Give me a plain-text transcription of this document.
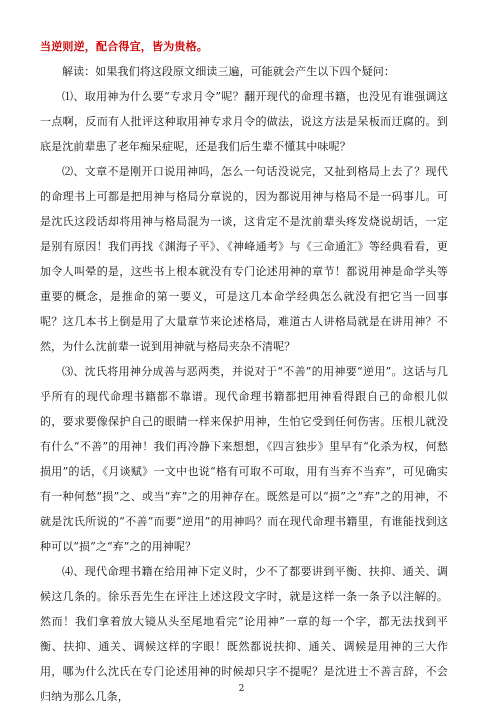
当逆则逆，配合得宜，皆为贵格。

解读：如果我们将这段原文细读三遍，可能就会产生以下四个疑问：

⑴、取用神为什么要“专求月令”呢？翻开现代的命理书籍，也没见有谁强调这一点啊，反而有人批评这种取用神专求月令的做法，说这方法是呆板而迂腐的。到底是沈前辈患了老年痴呆症呢，还是我们后生辈不懂其中味呢？

⑵、文章不是刚开口说用神吗，怎么一句话没说完，又扯到格局上去了？现代的命理书上可都是把用神与格局分章说的，因为都说用神与格局不是一码事儿。可是沈氏这段话却将用神与格局混为一谈，这肯定不是沈前辈头疼发烧说胡话，一定是别有原因！我们再找《渊海子平》、《神峰通考》与《三命通汇》等经典看看，更加令人叫晕的是，这些书上根本就没有专门论述用神的章节！都说用神是命学头等重要的概念，是推命的第一要义，可是这几本命学经典怎么就没有把它当一回事呢？这几本书上倒是用了大量章节来论述格局，难道古人讲格局就是在讲用神？不然，为什么沈前辈一说到用神就与格局夹杂不清呢？

⑶、沈氏将用神分成善与恶两类，并说对于“不善”的用神要“逆用”。这话与几乎所有的现代命理书籍都不靠谱。现代命理书籍都把用神看得跟自己的命根儿似的，要求要像保护自己的眼睛一样来保护用神，生怕它受到任何伤害。压根儿就没有什么“不善”的用神！我们再冷静下来想想，《四言独步》里早有“化杀为权，何愁损用”的话，《月谈赋》一文中也说“格有可取不可取，用有当弃不当弃”，可见确实有一种何愁“损”之、或当“弃”之的用神存在。既然是可以“损”之“弃”之的用神，不就是沈氏所说的“不善”而要“逆用”的用神吗？而在现代命理书籍里，有谁能找到这种可以“损”之“弃”之的用神呢？

⑷、现代命理书籍在给用神下定义时，少不了都要讲到平衡、扶抑、通关、调候这几条的。徐乐吾先生在评注上述这段文字时，就是这样一条一条予以注解的。然而！我们拿着放大镜从头至尾地看完“论用神”一章的每一个字，都无法找到平衡、扶抑、通关、调候这样的字眼！既然都说扶抑、通关、调候是用神的三大作用，哪为什么沈氏在专门论述用神的时候却只字不提呢？是沈进士不善言辞，不会归纳为那么几条，

2
